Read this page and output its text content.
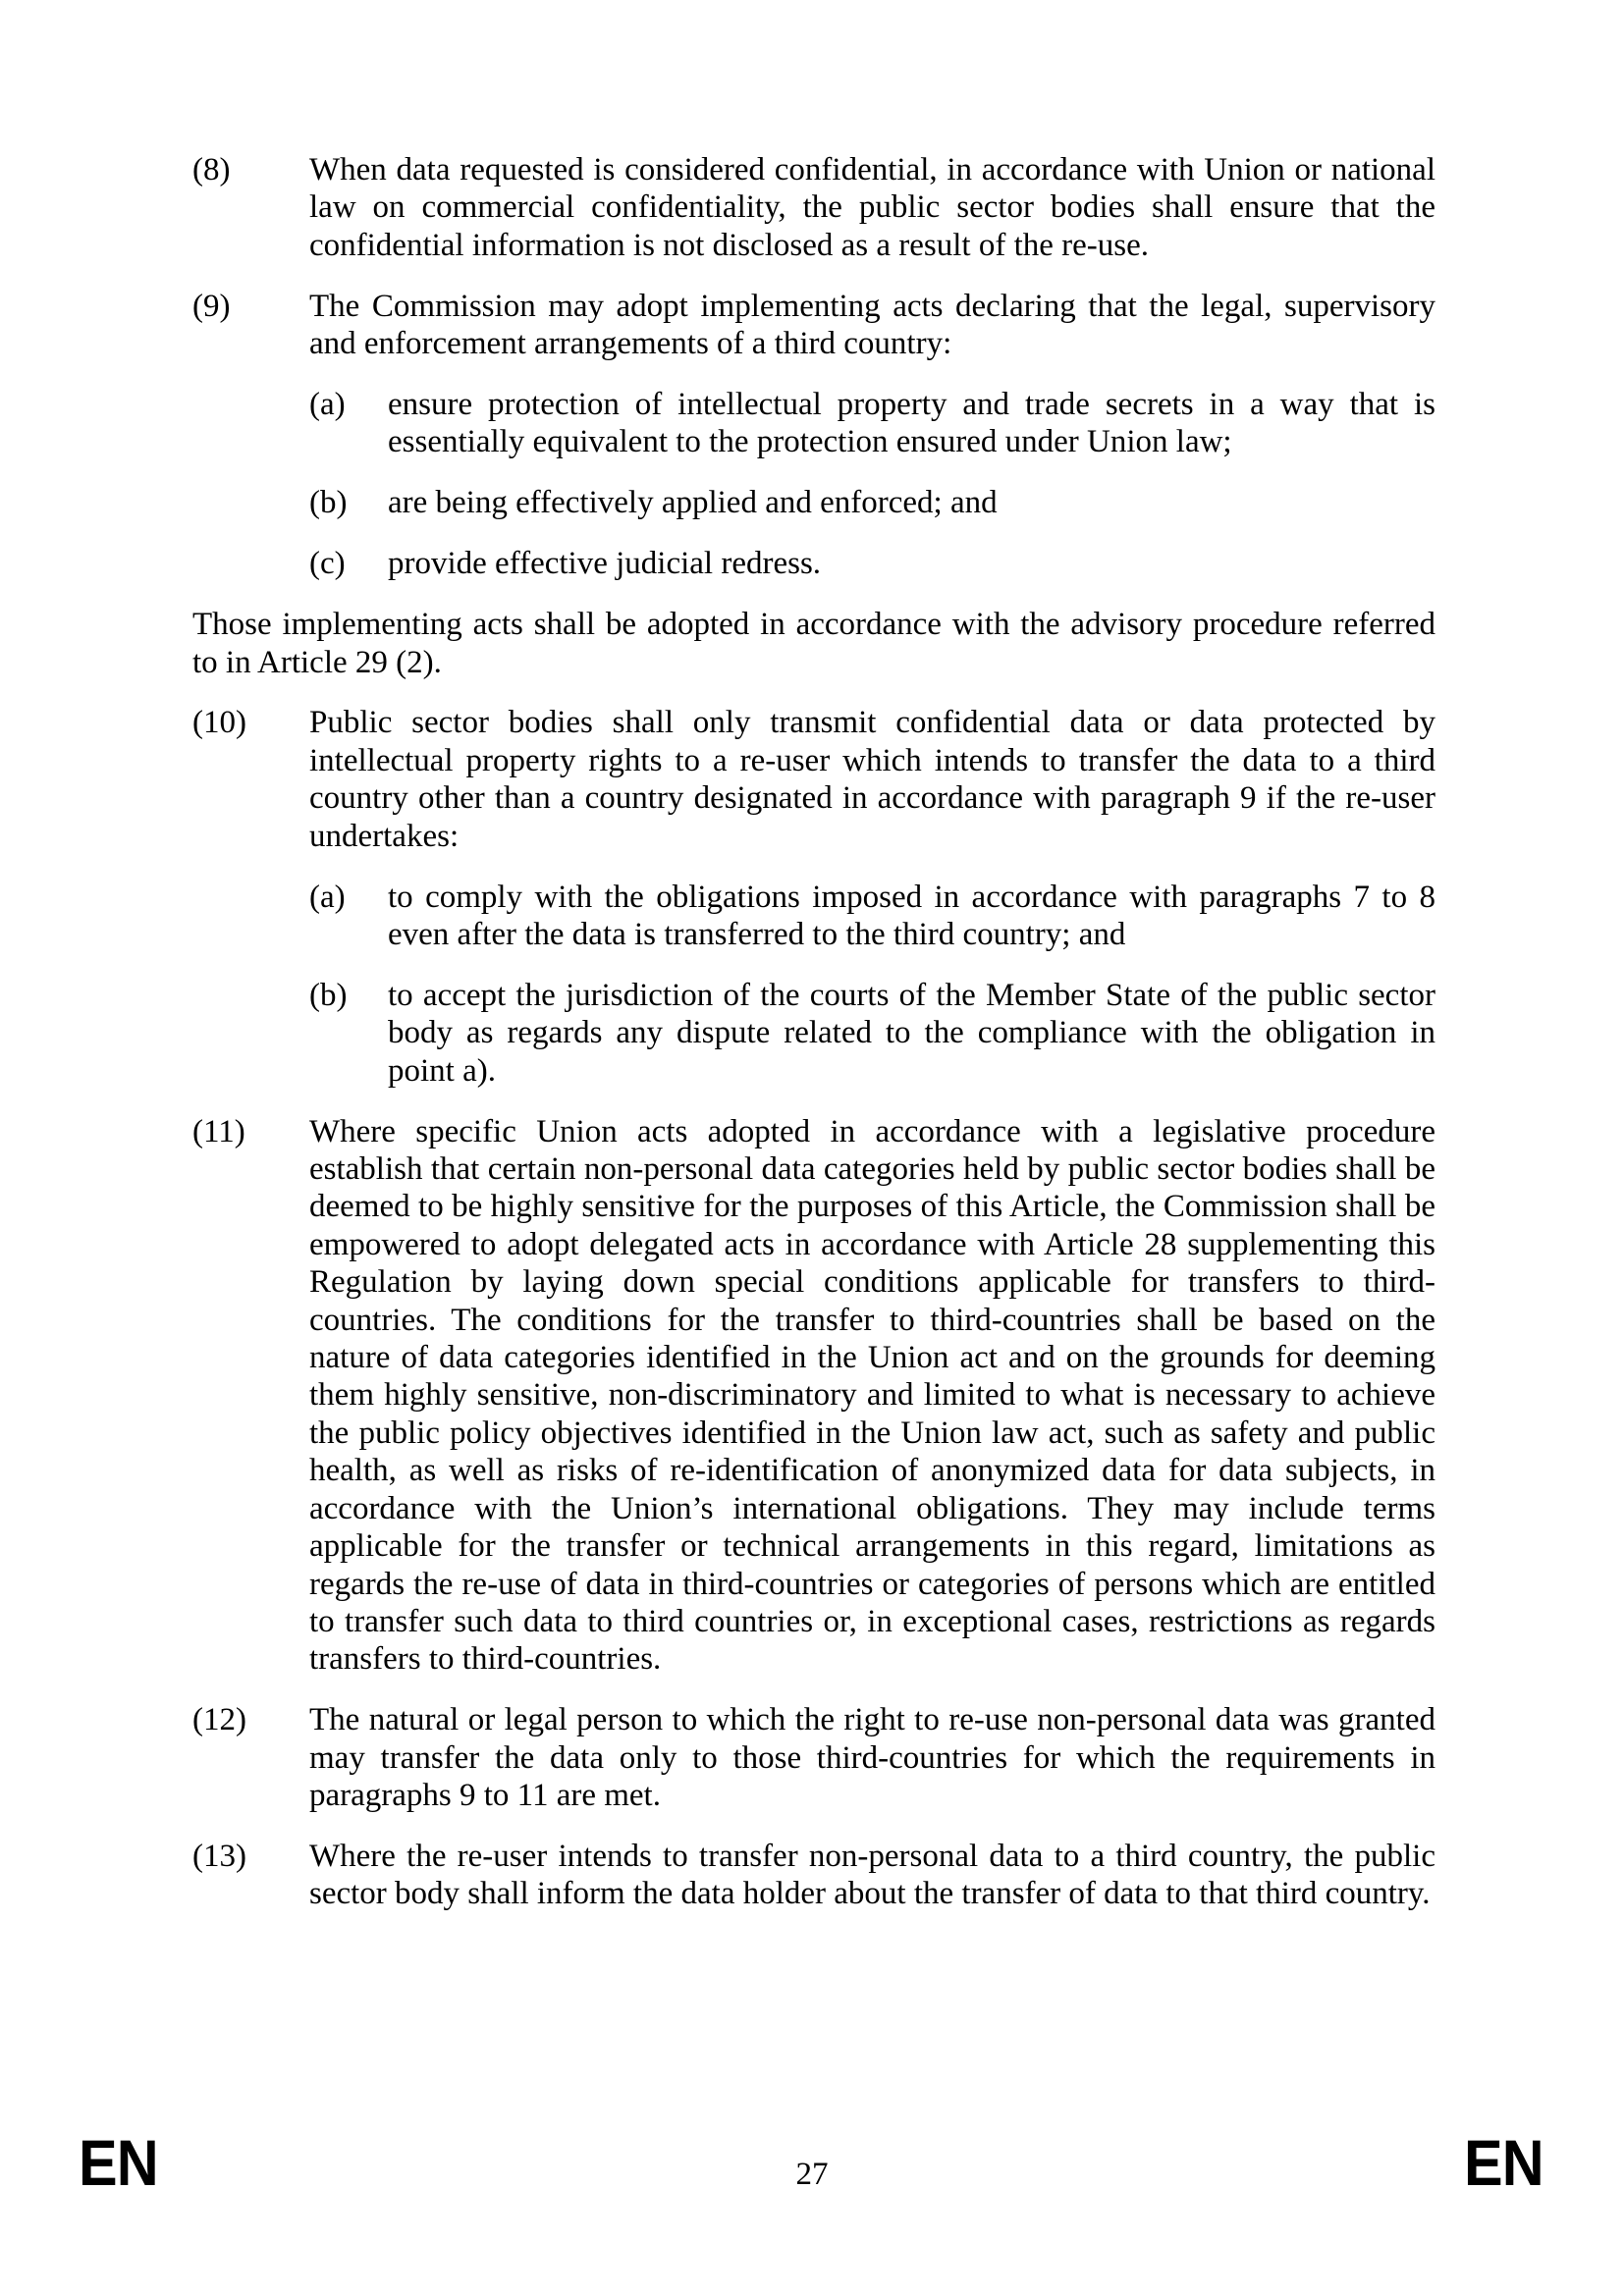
(8)	When data requested is considered confidential, in accordance with Union or national law on commercial confidentiality, the public sector bodies shall ensure that the confidential information is not disclosed as a result of the re-use.
(9)	The Commission may adopt implementing acts declaring that the legal, supervisory and enforcement arrangements of a third country:
(a)	ensure protection of intellectual property and trade secrets in a way that is essentially equivalent to the protection ensured under Union law;
(b)	are being effectively applied and enforced; and
(c)	provide effective judicial redress.
Those implementing acts shall be adopted in accordance with the advisory procedure referred to in Article 29 (2).
(10)	Public sector bodies shall only transmit confidential data or data protected by intellectual property rights to a re-user which intends to transfer the data to a third country other than a country designated in accordance with paragraph 9 if the re-user undertakes:
(a)	to comply with the obligations imposed in accordance with paragraphs 7 to 8 even after the data is transferred to the third country; and
(b)	to accept the jurisdiction of the courts of the Member State of the public sector body as regards any dispute related to the compliance with the obligation in point a).
(11)	Where specific Union acts adopted in accordance with a legislative procedure establish that certain non-personal data categories held by public sector bodies shall be deemed to be highly sensitive for the purposes of this Article, the Commission shall be empowered to adopt delegated acts in accordance with Article 28 supplementing this Regulation by laying down special conditions applicable for transfers to third-countries. The conditions for the transfer to third-countries shall be based on the nature of data categories identified in the Union act and on the grounds for deeming them highly sensitive, non-discriminatory and limited to what is necessary to achieve the public policy objectives identified in the Union law act, such as safety and public health, as well as risks of re-identification of anonymized data for data subjects, in accordance with the Union’s international obligations. They may include terms applicable for the transfer or technical arrangements in this regard, limitations as regards the re-use of data in third-countries or categories of persons which are entitled to transfer such data to third countries or, in exceptional cases, restrictions as regards transfers to third-countries.
(12)	The natural or legal person to which the right to re-use non-personal data was granted may transfer the data only to those third-countries for which the requirements in paragraphs 9 to 11 are met.
(13)	Where the re-user intends to transfer non-personal data to a third country, the public sector body shall inform the data holder about the transfer of data to that third country.
EN	27	EN
